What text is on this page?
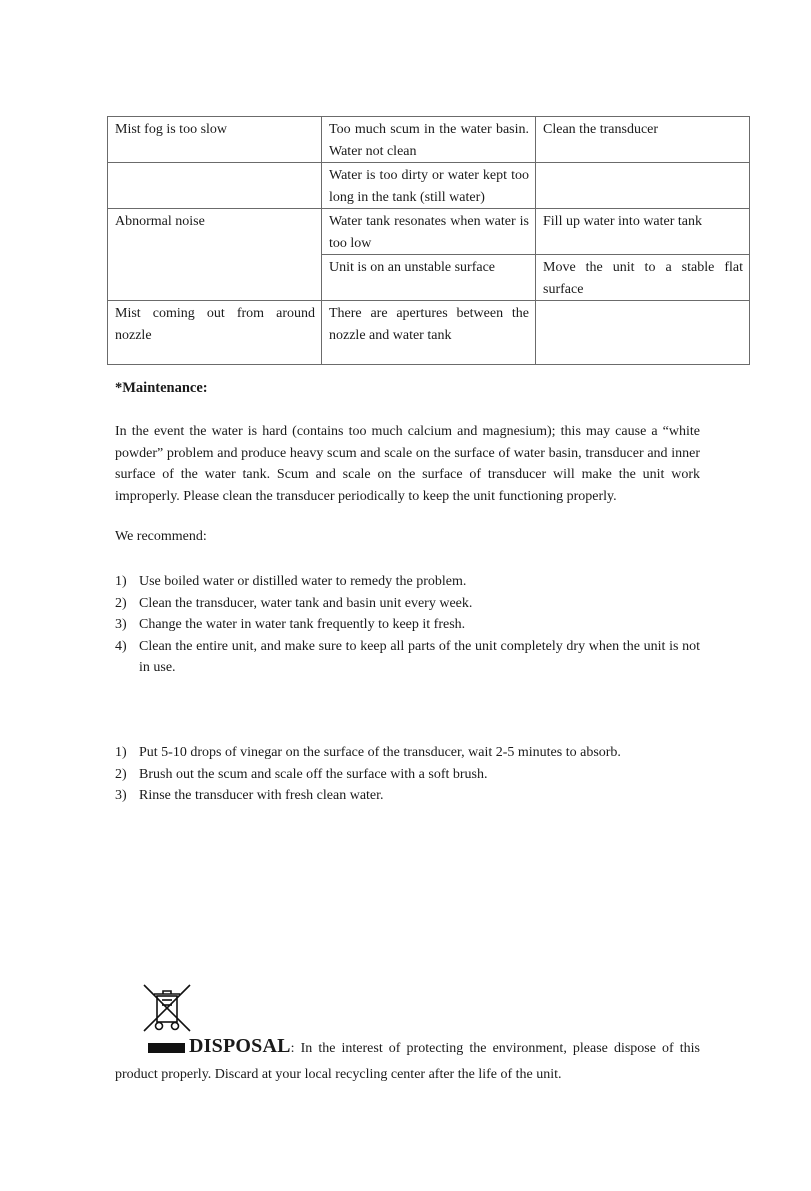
Mist fog is too slow	Too much scum in the water basin. Water not clean	Clean the transducer

	Water is too dirty or water kept too long in the tank (still water)	

Abnormal noise	Water tank resonates when water is too low	Fill up water into water tank
	Unit is on an unstable surface	Move the unit to a stable flat surface

Mist coming out from around nozzle	There are apertures between the nozzle and water tank	

*Maintenance:
In the event the water is hard (contains too much calcium and magnesium); this may cause a “white powder” problem and produce heavy scum and scale on the surface of water basin, transducer and inner surface of the water tank. Scum and scale on the surface of transducer will make the unit work improperly. Please clean the transducer periodically to keep the unit functioning properly.
We recommend:
1) Use boiled water or distilled water to remedy the problem.
2) Clean the transducer, water tank and basin unit every week.
3) Change the water in water tank frequently to keep it fresh.
4) Clean the entire unit, and make sure to keep all parts of the unit completely dry when the unit is not in use.
1) Put 5-10 drops of vinegar on the surface of the transducer, wait 2-5 minutes to absorb.
2) Brush out the scum and scale off the surface with a soft brush.
3) Rinse the transducer with fresh clean water.
DISPOSAL: In the interest of protecting the environment, please dispose of this
product properly. Discard at your local recycling center after the life of the unit.
